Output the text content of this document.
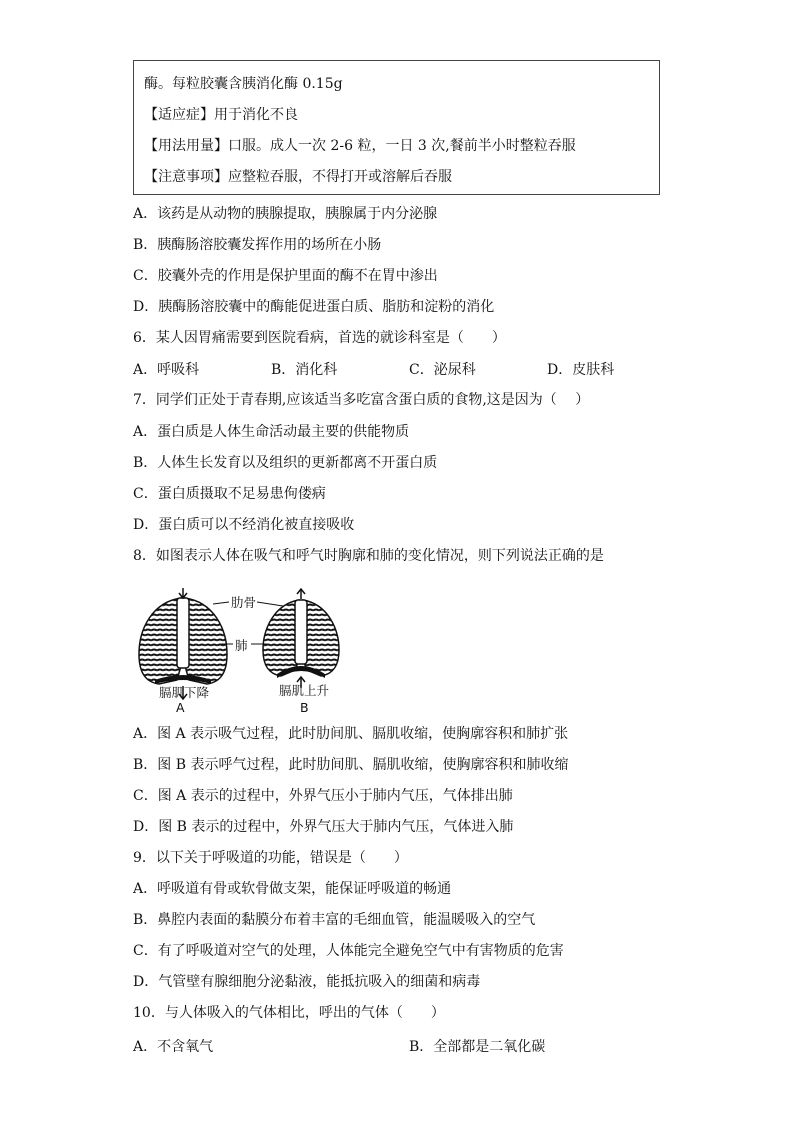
酶。每粒胶囊含胰消化酶 0.15g
【适应症】用于消化不良
【用法用量】口服。成人一次 2-6 粒，一日 3 次,餐前半小时整粒吞服
【注意事项】应整粒吞服，不得打开或溶解后吞服
A．该药是从动物的胰腺提取，胰腺属于内分泌腺
B．胰酶肠溶胶囊发挥作用的场所在小肠
C．胶囊外壳的作用是保护里面的酶不在胃中渗出
D．胰酶肠溶胶囊中的酶能促进蛋白质、脂肪和淀粉的消化
6．某人因胃痛需要到医院看病，首选的就诊科室是（　　）
A．呼吸科	B．消化科	C．泌尿科	D．皮肤科
7．同学们正处于青春期,应该适当多吃富含蛋白质的食物,这是因为（　 ）
A．蛋白质是人体生命活动最主要的供能物质
B．人体生长发育以及组织的更新都离不开蛋白质
C．蛋白质摄取不足易患佝偻病
D．蛋白质可以不经消化被直接吸收
8．如图表示人体在吸气和呼气时胸廓和肺的变化情况，则下列说法正确的是
肋骨
肺
膈肌下降	膈肌上升
A	B
A．图 A 表示吸气过程，此时肋间肌、膈肌收缩，使胸廓容积和肺扩张
B．图 B 表示呼气过程，此时肋间肌、膈肌收缩，使胸廓容积和肺收缩
C．图 A 表示的过程中，外界气压小于肺内气压，气体排出肺
D．图 B 表示的过程中，外界气压大于肺内气压，气体进入肺
9．以下关于呼吸道的功能，错误是（　　）
A．呼吸道有骨或软骨做支架，能保证呼吸道的畅通
B．鼻腔内表面的黏膜分布着丰富的毛细血管，能温暖吸入的空气
C．有了呼吸道对空气的处理，人体能完全避免空气中有害物质的危害
D．气管壁有腺细胞分泌黏液，能抵抗吸入的细菌和病毒
10．与人体吸入的气体相比，呼出的气体（　　）
A．不含氧气	B．全部都是二氧化碳
